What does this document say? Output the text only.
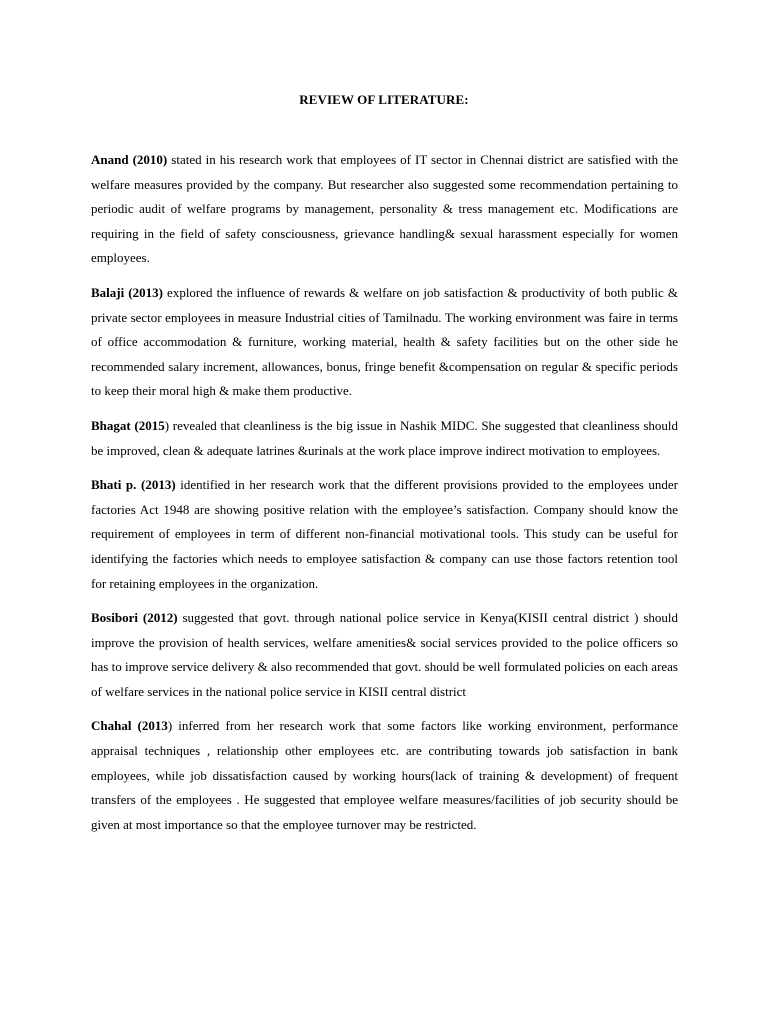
REVIEW OF LITERATURE:

Anand (2010) stated in his research work that employees of IT sector in Chennai district are satisfied with the welfare measures provided by the company. But researcher also suggested some recommendation pertaining to periodic audit of welfare programs by management, personality & tress management etc. Modifications are requiring in the field of safety consciousness, grievance handling& sexual harassment especially for women employees.

Balaji (2013) explored the influence of rewards & welfare on job satisfaction & productivity of both public & private sector employees in measure Industrial cities of Tamilnadu. The working environment was faire in terms of office accommodation & furniture, working material, health & safety facilities but on the other side he recommended salary increment, allowances, bonus, fringe benefit &compensation on regular & specific periods to keep their moral high & make them productive.

Bhagat (2015) revealed that cleanliness is the big issue in Nashik MIDC. She suggested that cleanliness should be improved, clean & adequate latrines &urinals at the work place improve indirect motivation to employees.

Bhati p. (2013) identified in her research work that the different provisions provided to the employees under factories Act 1948 are showing positive relation with the employee’s satisfaction. Company should know the requirement of employees in term of different non-financial motivational tools. This study can be useful for identifying the factories which needs to employee satisfaction & company can use those factors retention tool for retaining employees in the organization.

Bosibori (2012) suggested that govt. through national police service in Kenya(KISII central district ) should improve the provision of health services, welfare amenities& social services provided to the police officers so has to improve service delivery & also recommended that govt. should be well formulated policies on each areas of welfare services in the national police service in KISII central district

Chahal (2013) inferred from her research work that some factors like working environment, performance appraisal techniques , relationship other employees etc. are contributing towards job satisfaction in bank employees, while job dissatisfaction caused by working hours(lack of training & development) of frequent transfers of the employees . He suggested that employee welfare measures/facilities of job security should be given at most importance so that the employee turnover may be restricted.
